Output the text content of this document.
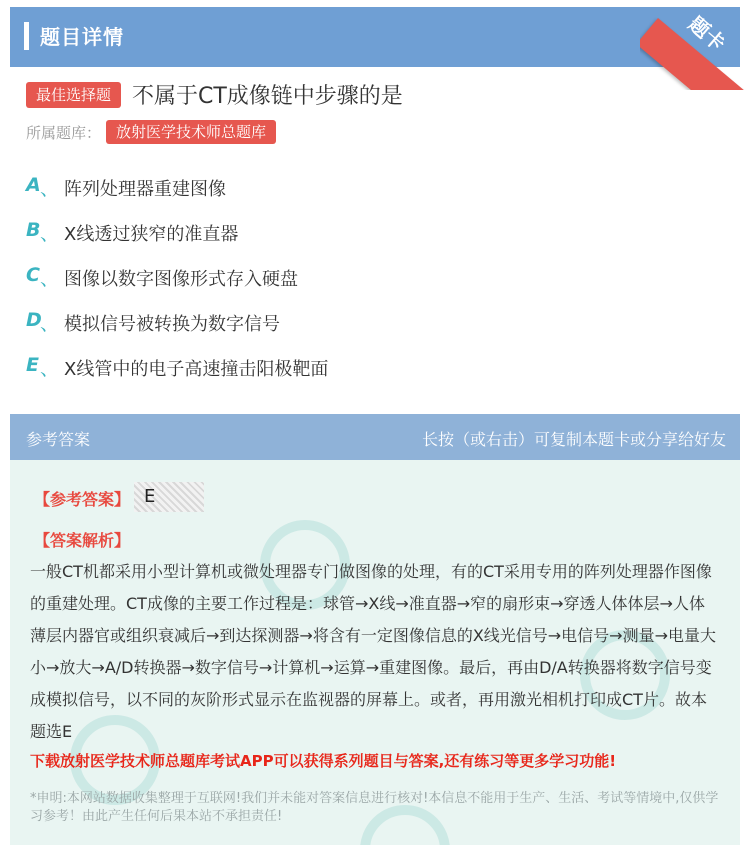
题目详情	题卡
最佳选择题 不属于CT成像链中步骤的是
所属题库： 放射医学技术师总题库
A 、 阵列处理器重建图像
B 、 X线透过狭窄的准直器
C 、 图像以数字图像形式存入硬盘
D
、 模拟信号被转换为数字信号
E 、 X线管中的电子高速撞击阳极靶面
参考答案	长按（或右击）可复制本题卡或分享给好友
【参考答案】 E
【答案解析】
一般CT机都采用小型计算机或微处理器专门做图像的处理，有的CT采用专用的阵列处理器作图像的重建处理。CT成像的主要工作过程是：球管→X线→准直器→窄的扇形束→穿透人体体层→人体薄层内器官或组织衰减后→到达探测器→将含有一定图像信息的X线光信号→电信号→测量→电量大小→放大→A/D转换器→数字信号→计算机→运算→重建图像。最后，再由D/A转换器将数字信号变成模拟信号，以不同的灰阶形式显示在监视器的屏幕上。或者，再用激光相机打印成CT片。故本题选E
下载放射医学技术师总题库考试APP可以获得系列题目与答案,还有练习等更多学习功能!
*申明:本网站数据收集整理于互联网!我们并未能对答案信息进行核对!本信息不能用于生产、生活、考试等情境中,仅供学习参考！由此产生任何后果本站不承担责任!
